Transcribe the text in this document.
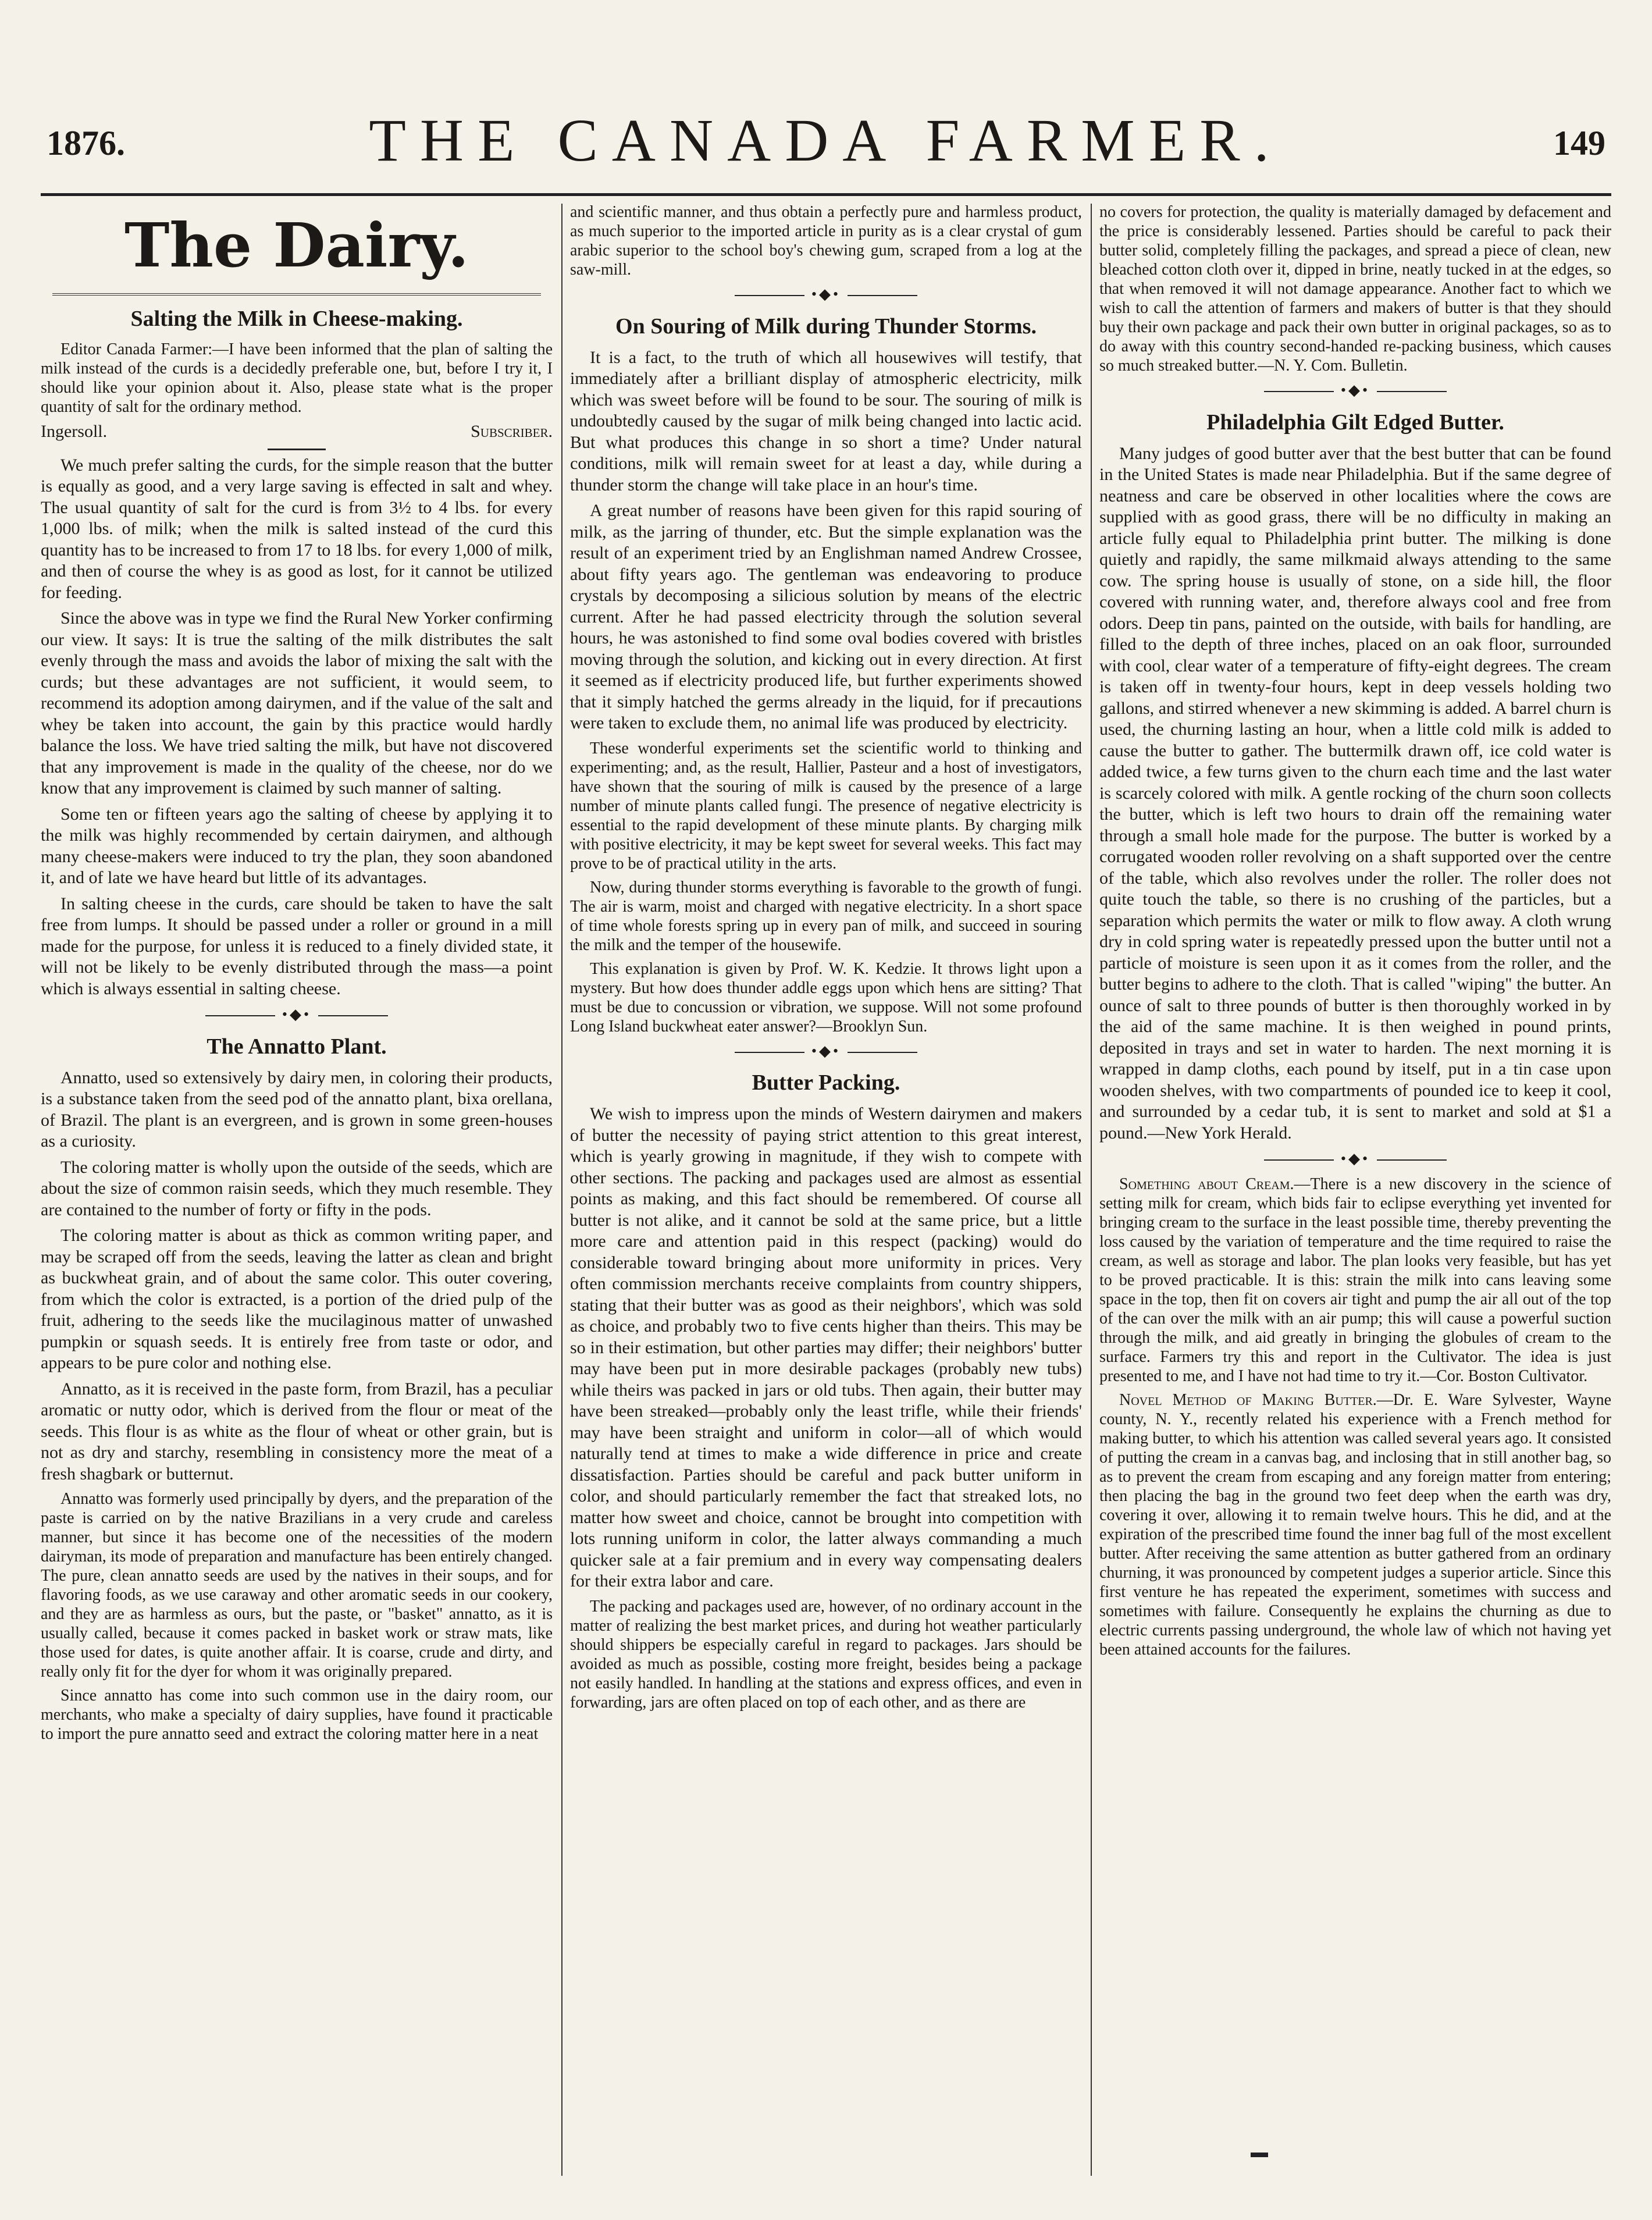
1876.	THE CANADA FARMER.	149
The Dairy.
Salting the Milk in Cheese-making.

Editor Canada Farmer:—I have been informed that the plan of salting the milk instead of the curds is a decidedly preferable one, but, before I try it, I should like your opinion about it. Also, please state what is the proper quantity of salt for the ordinary method.

Ingersoll.	Subscriber.

We much prefer salting the curds, for the simple reason that the butter is equally as good, and a very large saving is effected in salt and whey. The usual quantity of salt for the curd is from 3½ to 4 lbs. for every 1,000 lbs. of milk; when the milk is salted instead of the curd this quantity has to be increased to from 17 to 18 lbs. for every 1,000 of milk, and then of course the whey is as good as lost, for it cannot be utilized for feeding.

Since the above was in type we find the Rural New Yorker confirming our view. It says: It is true the salting of the milk distributes the salt evenly through the mass and avoids the labor of mixing the salt with the curds; but these advantages are not sufficient, it would seem, to recommend its adoption among dairymen, and if the value of the salt and whey be taken into account, the gain by this practice would hardly balance the loss. We have tried salting the milk, but have not discovered that any improvement is made in the quality of the cheese, nor do we know that any improvement is claimed by such manner of salting.

Some ten or fifteen years ago the salting of cheese by applying it to the milk was highly recommended by certain dairymen, and although many cheese-makers were induced to try the plan, they soon abandoned it, and of late we have heard but little of its advantages.

In salting cheese in the curds, care should be taken to have the salt free from lumps. It should be passed under a roller or ground in a mill made for the purpose, for unless it is reduced to a finely divided state, it will not be likely to be evenly distributed through the mass—a point which is always essential in salting cheese.

•◆•
The Annatto Plant.

Annatto, used so extensively by dairy men, in coloring their products, is a substance taken from the seed pod of the annatto plant, bixa orellana, of Brazil. The plant is an evergreen, and is grown in some green-houses as a curiosity.

The coloring matter is wholly upon the outside of the seeds, which are about the size of common raisin seeds, which they much resemble. They are contained to the number of forty or fifty in the pods.

The coloring matter is about as thick as common writing paper, and may be scraped off from the seeds, leaving the latter as clean and bright as buckwheat grain, and of about the same color. This outer covering, from which the color is extracted, is a portion of the dried pulp of the fruit, adhering to the seeds like the mucilaginous matter of unwashed pumpkin or squash seeds. It is entirely free from taste or odor, and appears to be pure color and nothing else.

Annatto, as it is received in the paste form, from Brazil, has a peculiar aromatic or nutty odor, which is derived from the flour or meat of the seeds. This flour is as white as the flour of wheat or other grain, but is not as dry and starchy, resembling in consistency more the meat of a fresh shagbark or butternut.

Annatto was formerly used principally by dyers, and the preparation of the paste is carried on by the native Brazilians in a very crude and careless manner, but since it has become one of the necessities of the modern dairyman, its mode of preparation and manufacture has been entirely changed. The pure, clean annatto seeds are used by the natives in their soups, and for flavoring foods, as we use caraway and other aromatic seeds in our cookery, and they are as harmless as ours, but the paste, or "basket" annatto, as it is usually called, because it comes packed in basket work or straw mats, like those used for dates, is quite another affair. It is coarse, crude and dirty, and really only fit for the dyer for whom it was originally prepared.

Since annatto has come into such common use in the dairy room, our merchants, who make a specialty of dairy supplies, have found it practicable to import the pure annatto seed and extract the coloring matter here in a neat

and scientific manner, and thus obtain a perfectly pure and harmless product, as much superior to the imported article in purity as is a clear crystal of gum arabic superior to the school boy's chewing gum, scraped from a log at the saw-mill.

•◆•
On Souring of Milk during Thunder Storms.

It is a fact, to the truth of which all housewives will testify, that immediately after a brilliant display of atmospheric electricity, milk which was sweet before will be found to be sour. The souring of milk is undoubtedly caused by the sugar of milk being changed into lactic acid. But what produces this change in so short a time? Under natural conditions, milk will remain sweet for at least a day, while during a thunder storm the change will take place in an hour's time.

A great number of reasons have been given for this rapid souring of milk, as the jarring of thunder, etc. But the simple explanation was the result of an experiment tried by an Englishman named Andrew Crossee, about fifty years ago. The gentleman was endeavoring to produce crystals by decomposing a silicious solution by means of the electric current. After he had passed electricity through the solution several hours, he was astonished to find some oval bodies covered with bristles moving through the solution, and kicking out in every direction. At first it seemed as if electricity produced life, but further experiments showed that it simply hatched the germs already in the liquid, for if precautions were taken to exclude them, no animal life was produced by electricity.

These wonderful experiments set the scientific world to thinking and experimenting; and, as the result, Hallier, Pasteur and a host of investigators, have shown that the souring of milk is caused by the presence of a large number of minute plants called fungi. The presence of negative electricity is essential to the rapid development of these minute plants. By charging milk with positive electricity, it may be kept sweet for several weeks. This fact may prove to be of practical utility in the arts.

Now, during thunder storms everything is favorable to the growth of fungi. The air is warm, moist and charged with negative electricity. In a short space of time whole forests spring up in every pan of milk, and succeed in souring the milk and the temper of the housewife.

This explanation is given by Prof. W. K. Kedzie. It throws light upon a mystery. But how does thunder addle eggs upon which hens are sitting? That must be due to concussion or vibration, we suppose. Will not some profound Long Island buckwheat eater answer?—Brooklyn Sun.

•◆•
Butter Packing.

We wish to impress upon the minds of Western dairymen and makers of butter the necessity of paying strict attention to this great interest, which is yearly growing in magnitude, if they wish to compete with other sections. The packing and packages used are almost as essential points as making, and this fact should be remembered. Of course all butter is not alike, and it cannot be sold at the same price, but a little more care and attention paid in this respect (packing) would do considerable toward bringing about more uniformity in prices. Very often commission merchants receive complaints from country shippers, stating that their butter was as good as their neighbors', which was sold as choice, and probably two to five cents higher than theirs. This may be so in their estimation, but other parties may differ; their neighbors' butter may have been put in more desirable packages (probably new tubs) while theirs was packed in jars or old tubs. Then again, their butter may have been streaked—probably only the least trifle, while their friends' may have been straight and uniform in color—all of which would naturally tend at times to make a wide difference in price and create dissatisfaction. Parties should be careful and pack butter uniform in color, and should particularly remember the fact that streaked lots, no matter how sweet and choice, cannot be brought into competition with lots running uniform in color, the latter always commanding a much quicker sale at a fair premium and in every way compensating dealers for their extra labor and care.

The packing and packages used are, however, of no ordinary account in the matter of realizing the best market prices, and during hot weather particularly should shippers be especially careful in regard to packages. Jars should be avoided as much as possible, costing more freight, besides being a package not easily handled. In handling at the stations and express offices, and even in forwarding, jars are often placed on top of each other, and as there are

no covers for protection, the quality is materially damaged by defacement and the price is considerably lessened. Parties should be careful to pack their butter solid, completely filling the packages, and spread a piece of clean, new bleached cotton cloth over it, dipped in brine, neatly tucked in at the edges, so that when removed it will not damage appearance. Another fact to which we wish to call the attention of farmers and makers of butter is that they should buy their own package and pack their own butter in original packages, so as to do away with this country second-handed re-packing business, which causes so much streaked butter.—N. Y. Com. Bulletin.

•◆•
Philadelphia Gilt Edged Butter.

Many judges of good butter aver that the best butter that can be found in the United States is made near Philadelphia. But if the same degree of neatness and care be observed in other localities where the cows are supplied with as good grass, there will be no difficulty in making an article fully equal to Philadelphia print butter. The milking is done quietly and rapidly, the same milkmaid always attending to the same cow. The spring house is usually of stone, on a side hill, the floor covered with running water, and, therefore always cool and free from odors. Deep tin pans, painted on the outside, with bails for handling, are filled to the depth of three inches, placed on an oak floor, surrounded with cool, clear water of a temperature of fifty-eight degrees. The cream is taken off in twenty-four hours, kept in deep vessels holding two gallons, and stirred whenever a new skimming is added. A barrel churn is used, the churning lasting an hour, when a little cold milk is added to cause the butter to gather. The buttermilk drawn off, ice cold water is added twice, a few turns given to the churn each time and the last water is scarcely colored with milk. A gentle rocking of the churn soon collects the butter, which is left two hours to drain off the remaining water through a small hole made for the purpose. The butter is worked by a corrugated wooden roller revolving on a shaft supported over the centre of the table, which also revolves under the roller. The roller does not quite touch the table, so there is no crushing of the particles, but a separation which permits the water or milk to flow away. A cloth wrung dry in cold spring water is repeatedly pressed upon the butter until not a particle of moisture is seen upon it as it comes from the roller, and the butter begins to adhere to the cloth. That is called "wiping" the butter. An ounce of salt to three pounds of butter is then thoroughly worked in by the aid of the same machine. It is then weighed in pound prints, deposited in trays and set in water to harden. The next morning it is wrapped in damp cloths, each pound by itself, put in a tin case upon wooden shelves, with two compartments of pounded ice to keep it cool, and surrounded by a cedar tub, it is sent to market and sold at $1 a pound.—New York Herald.

•◆•

Something about Cream.—There is a new discovery in the science of setting milk for cream, which bids fair to eclipse everything yet invented for bringing cream to the surface in the least possible time, thereby preventing the loss caused by the variation of temperature and the time required to raise the cream, as well as storage and labor. The plan looks very feasible, but has yet to be proved practicable. It is this: strain the milk into cans leaving some space in the top, then fit on covers air tight and pump the air all out of the top of the can over the milk with an air pump; this will cause a powerful suction through the milk, and aid greatly in bringing the globules of cream to the surface. Farmers try this and report in the Cultivator. The idea is just presented to me, and I have not had time to try it.—Cor. Boston Cultivator.

Novel Method of Making Butter.—Dr. E. Ware Sylvester, Wayne county, N. Y., recently related his experience with a French method for making butter, to which his attention was called several years ago. It consisted of putting the cream in a canvas bag, and inclosing that in still another bag, so as to prevent the cream from escaping and any foreign matter from entering; then placing the bag in the ground two feet deep when the earth was dry, covering it over, allowing it to remain twelve hours. This he did, and at the expiration of the prescribed time found the inner bag full of the most excellent butter. After receiving the same attention as butter gathered from an ordinary churning, it was pronounced by competent judges a superior article. Since this first venture he has repeated the experiment, sometimes with success and sometimes with failure. Consequently he explains the churning as due to electric currents passing underground, the whole law of which not having yet been attained accounts for the failures.
